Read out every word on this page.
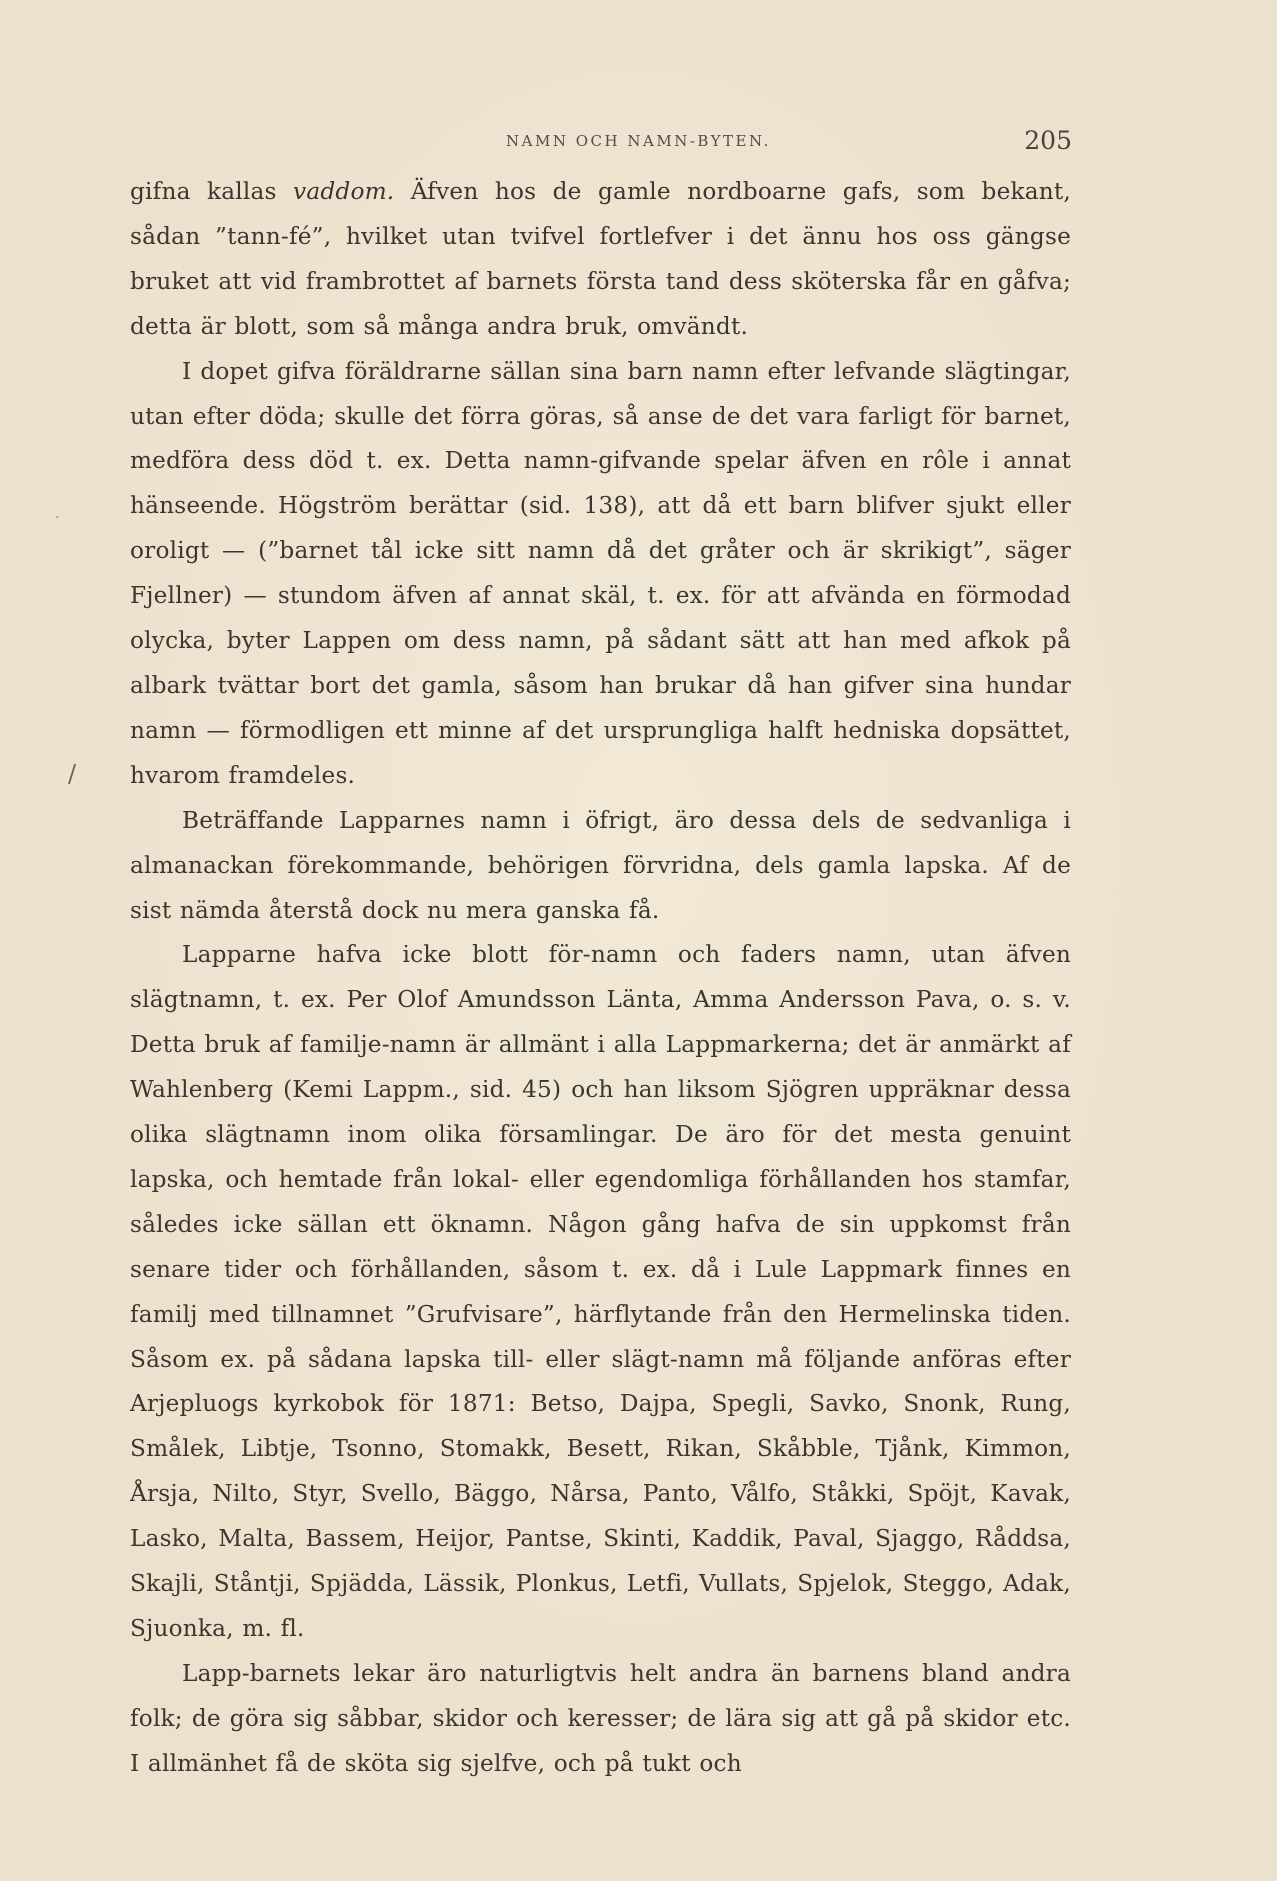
NAMN OCH NAMN-BYTEN.	205
·
/

gifna kallas vaddom. Äfven hos de gamle nordboarne gafs, som bekant, sådan ”tann-fé”, hvilket utan tvifvel fortlefver i det ännu hos oss gängse bruket att vid frambrottet af barnets första tand dess sköterska får en gåfva; detta är blott, som så många andra bruk, omvändt.

I dopet gifva föräldrarne sällan sina barn namn efter lefvande slägtingar, utan efter döda; skulle det förra göras, så anse de det vara farligt för barnet, medföra dess död t. ex. Detta namn-gifvande spelar äfven en rôle i annat hänseende. Högström berättar (sid. 138), att då ett barn blifver sjukt eller oroligt — (”barnet tål icke sitt namn då det gråter och är skrikigt”, säger Fjellner) — stundom äfven af annat skäl, t. ex. för att afvända en förmodad olycka, byter Lappen om dess namn, på sådant sätt att han med afkok på albark tvättar bort det gamla, såsom han brukar då han gifver sina hundar namn — förmodligen ett minne af det ursprungliga halft hedniska dopsättet, hvarom framdeles.

Beträffande Lapparnes namn i öfrigt, äro dessa dels de sedvanliga i almanackan förekommande, behörigen förvridna, dels gamla lapska. Af de sist nämda återstå dock nu mera ganska få.

Lapparne hafva icke blott för-namn och faders namn, utan äfven slägtnamn, t. ex. Per Olof Amundsson Länta, Amma Andersson Pava, o. s. v. Detta bruk af familje-namn är allmänt i alla Lappmarkerna; det är anmärkt af Wahlenberg (Kemi Lappm., sid. 45) och han liksom Sjögren uppräknar dessa olika slägtnamn inom olika församlingar. De äro för det mesta genuint lapska, och hemtade från lokal- eller egendomliga förhållanden hos stamfar, således icke sällan ett öknamn. Någon gång hafva de sin uppkomst från senare tider och förhållanden, såsom t. ex. då i Lule Lappmark finnes en familj med tillnamnet ”Grufvisare”, härflytande från den Hermelinska tiden. Såsom ex. på sådana lapska till- eller slägt-namn må följande anföras efter Arjepluogs kyrkobok för 1871: Betso, Dajpa, Spegli, Savko, Snonk, Rung, Smålek, Libtje, Tsonno, Stomakk, Besett, Rikan, Skåbble, Tjånk, Kimmon, Årsja, Nilto, Styr, Svello, Bäggo, Nårsa, Panto, Vålfo, Ståkki, Spöjt, Kavak, Lasko, Malta, Bassem, Heijor, Pantse, Skinti, Kaddik, Paval, Sjaggo, Råddsa, Skajli, Ståntji, Spjädda, Lässik, Plonkus, Letfi, Vullats, Spjelok, Steggo, Adak, Sjuonka, m. fl.

Lapp-barnets lekar äro naturligtvis helt andra än barnens bland andra folk; de göra sig såbbar, skidor och keresser; de lära sig att gå på skidor etc. I allmänhet få de sköta sig sjelfve, och på tukt och
